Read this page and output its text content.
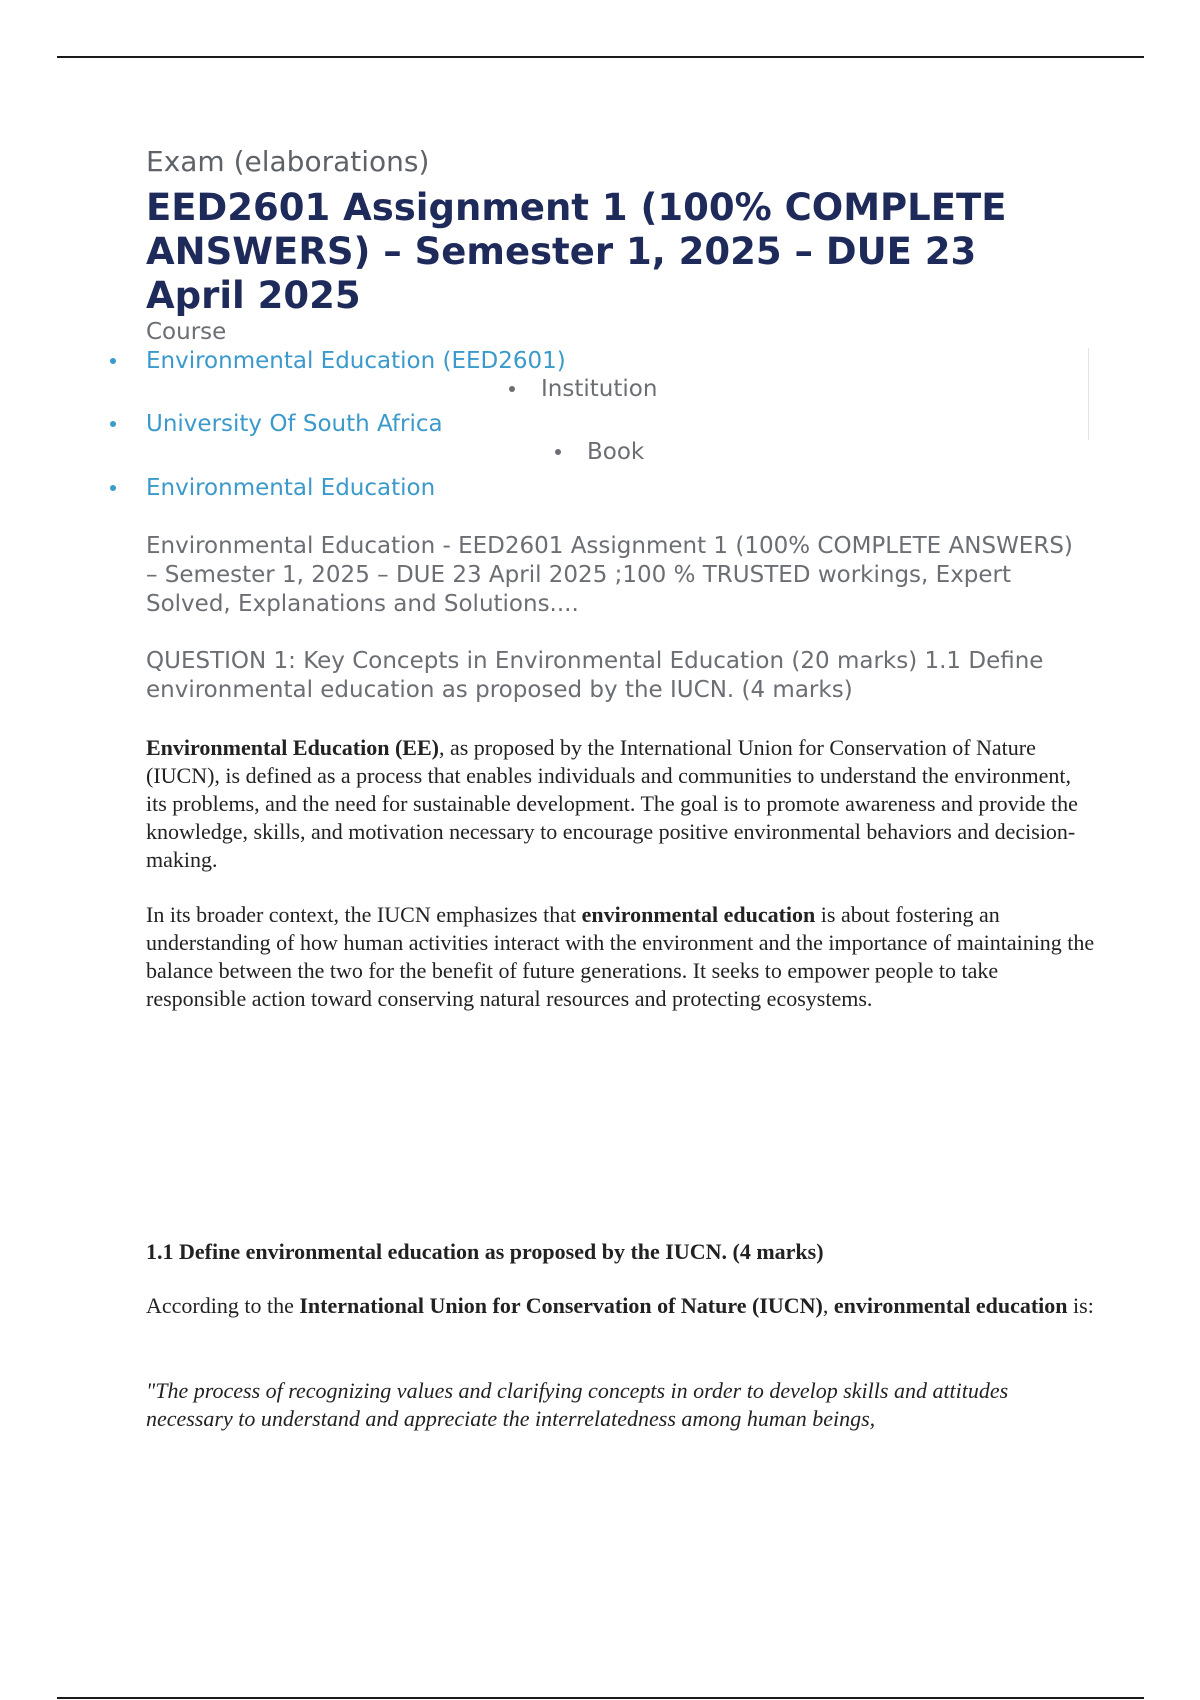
Exam (elaborations)
EED2601 Assignment 1 (100% COMPLETE ANSWERS) – Semester 1, 2025 – DUE 23 April 2025
Course
Environmental Education (EED2601)
Institution
University Of South Africa
Book
Environmental Education

Environmental Education - EED2601 Assignment 1 (100% COMPLETE ANSWERS) – Semester 1, 2025 – DUE 23 April 2025 ;100 % TRUSTED workings, Expert Solved, Explanations and Solutions....

QUESTION 1: Key Concepts in Environmental Education (20 marks) 1.1 Define environmental education as proposed by the IUCN. (4 marks)

Environmental Education (EE), as proposed by the International Union for Conservation of Nature (IUCN), is defined as a process that enables individuals and communities to understand the environment, its problems, and the need for sustainable development. The goal is to promote awareness and provide the knowledge, skills, and motivation necessary to encourage positive environmental behaviors and decision-making.

In its broader context, the IUCN emphasizes that environmental education is about fostering an understanding of how human activities interact with the environment and the importance of maintaining the balance between the two for the benefit of future generations. It seeks to empower people to take responsible action toward conserving natural resources and protecting ecosystems.

1.1 Define environmental education as proposed by the IUCN. (4 marks)

According to the International Union for Conservation of Nature (IUCN), environmental education is:

"The process of recognizing values and clarifying concepts in order to develop skills and attitudes necessary to understand and appreciate the interrelatedness among human beings,
